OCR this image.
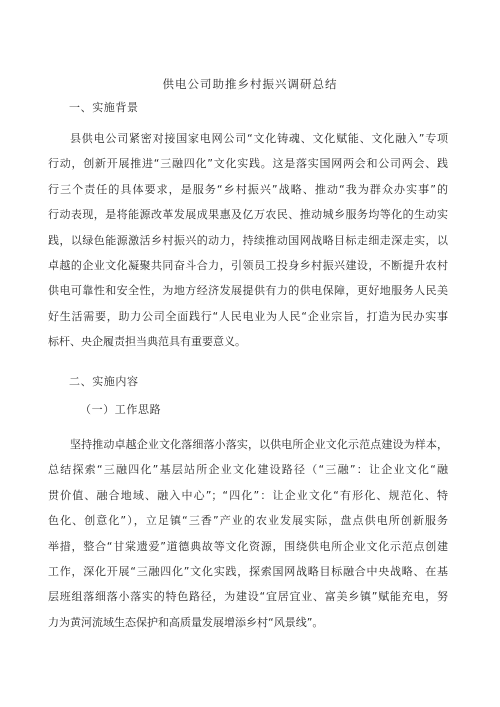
供电公司助推乡村振兴调研总结
一、实施背景
县供电公司紧密对接国家电网公司“文化铸魂、文化赋能、文化融入”专项
行动，创新开展推进“三融四化”文化实践。这是落实国网两会和公司两会、践
行三个责任的具体要求，是服务“乡村振兴”战略、推动“我为群众办实事”的
行动表现，是将能源改革发展成果惠及亿万农民、推动城乡服务均等化的生动实
践，以绿色能源激活乡村振兴的动力，持续推动国网战略目标走细走深走实，以
卓越的企业文化凝聚共同奋斗合力，引领员工投身乡村振兴建设，不断提升农村
供电可靠性和安全性，为地方经济发展提供有力的供电保障，更好地服务人民美
好生活需要，助力公司全面践行“人民电业为人民“企业宗旨，打造为民办实事
标杆、央企履责担当典范具有重要意义。
二、实施内容
（一）工作思路
坚持推动卓越企业文化落细落小落实，以供电所企业文化示范点建设为样本，
总结探索“三融四化”基层站所企业文化建设路径（“三融”：让企业文化“融
贯价值、融合地域、融入中心”；“四化”：让企业文化“有形化、规范化、特
色化、创意化”），立足镇“三香”产业的农业发展实际，盘点供电所创新服务
举措，整合“甘棠遗爱”道德典故等文化资源，围绕供电所企业文化示范点创建
工作，深化开展“三融四化”文化实践，探索国网战略目标融合中央战略、在基
层班组落细落小落实的特色路径，为建设“宜居宜业、富美乡镇”赋能充电，努
力为黄河流域生态保护和高质量发展增添乡村“风景线”。
